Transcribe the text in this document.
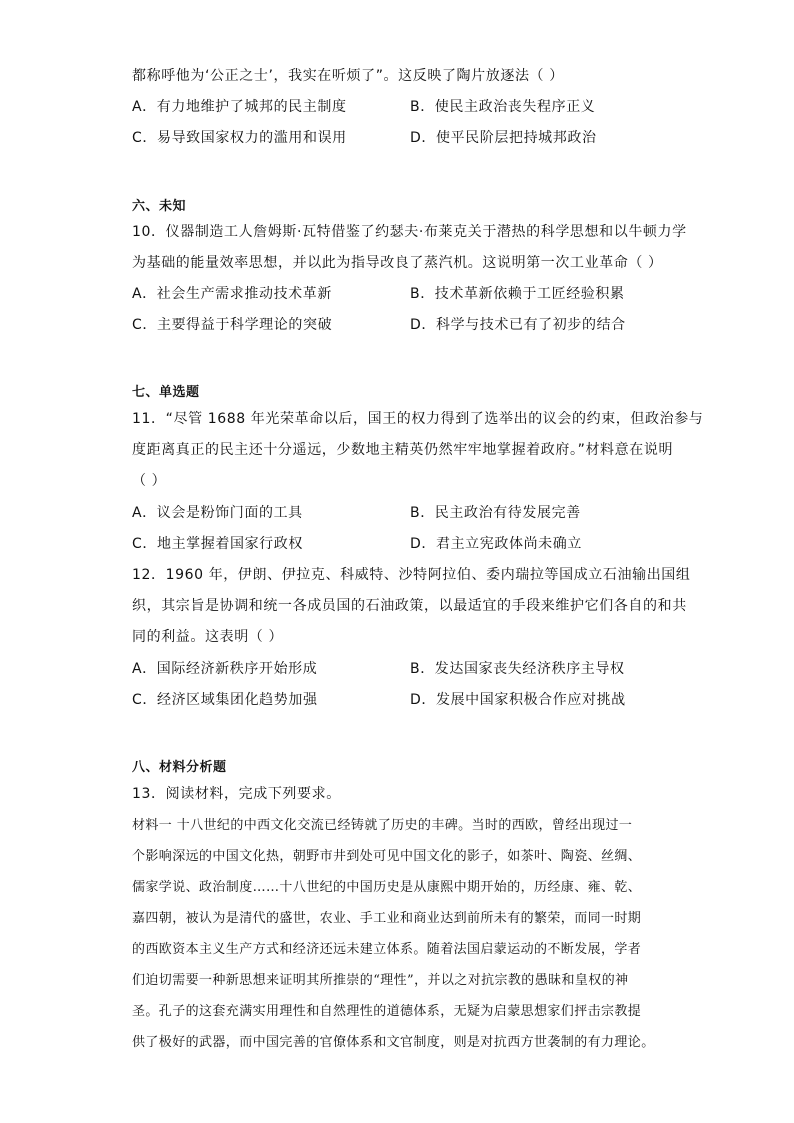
都称呼他为‘公正之士’，我实在听烦了”。这反映了陶片放逐法（ ）
A．有力地维护了城邦的民主制度	B．使民主政治丧失程序正义
C．易导致国家权力的滥用和误用	D．使平民阶层把持城邦政治
六、未知
10．仪器制造工人詹姆斯·瓦特借鉴了约瑟夫·布莱克关于潜热的科学思想和以牛顿力学
为基础的能量效率思想，并以此为指导改良了蒸汽机。这说明第一次工业革命（ ）
A．社会生产需求推动技术革新	B．技术革新依赖于工匠经验积累
C．主要得益于科学理论的突破	D．科学与技术已有了初步的结合
七、单选题
11．“尽管 1688 年光荣革命以后，国王的权力得到了选举出的议会的约束，但政治参与
度距离真正的民主还十分遥远，少数地主精英仍然牢牢地掌握着政府。”材料意在说明
（ ）
A．议会是粉饰门面的工具	B．民主政治有待发展完善
C．地主掌握着国家行政权	D．君主立宪政体尚未确立
12．1960 年，伊朗、伊拉克、科威特、沙特阿拉伯、委内瑞拉等国成立石油输出国组
织，其宗旨是协调和统一各成员国的石油政策，以最适宜的手段来维护它们各自的和共
同的利益。这表明（ ）
A．国际经济新秩序开始形成	B．发达国家丧失经济秩序主导权
C．经济区域集团化趋势加强	D．发展中国家积极合作应对挑战
八、材料分析题
13．阅读材料，完成下列要求。
材料一 十八世纪的中西文化交流已经铸就了历史的丰碑。当时的西欧，曾经出现过一
个影响深远的中国文化热，朝野市井到处可见中国文化的影子，如茶叶、陶瓷、丝绸、
儒家学说、政治制度……十八世纪的中国历史是从康熙中期开始的，历经康、雍、乾、
嘉四朝，被认为是清代的盛世，农业、手工业和商业达到前所未有的繁荣，而同一时期
的西欧资本主义生产方式和经济还远未建立体系。随着法国启蒙运动的不断发展，学者
们迫切需要一种新思想来证明其所推崇的“理性”，并以之对抗宗教的愚昧和皇权的神
圣。孔子的这套充满实用理性和自然理性的道德体系，无疑为启蒙思想家们抨击宗教提
供了极好的武器，而中国完善的官僚体系和文官制度，则是对抗西方世袭制的有力理论。
